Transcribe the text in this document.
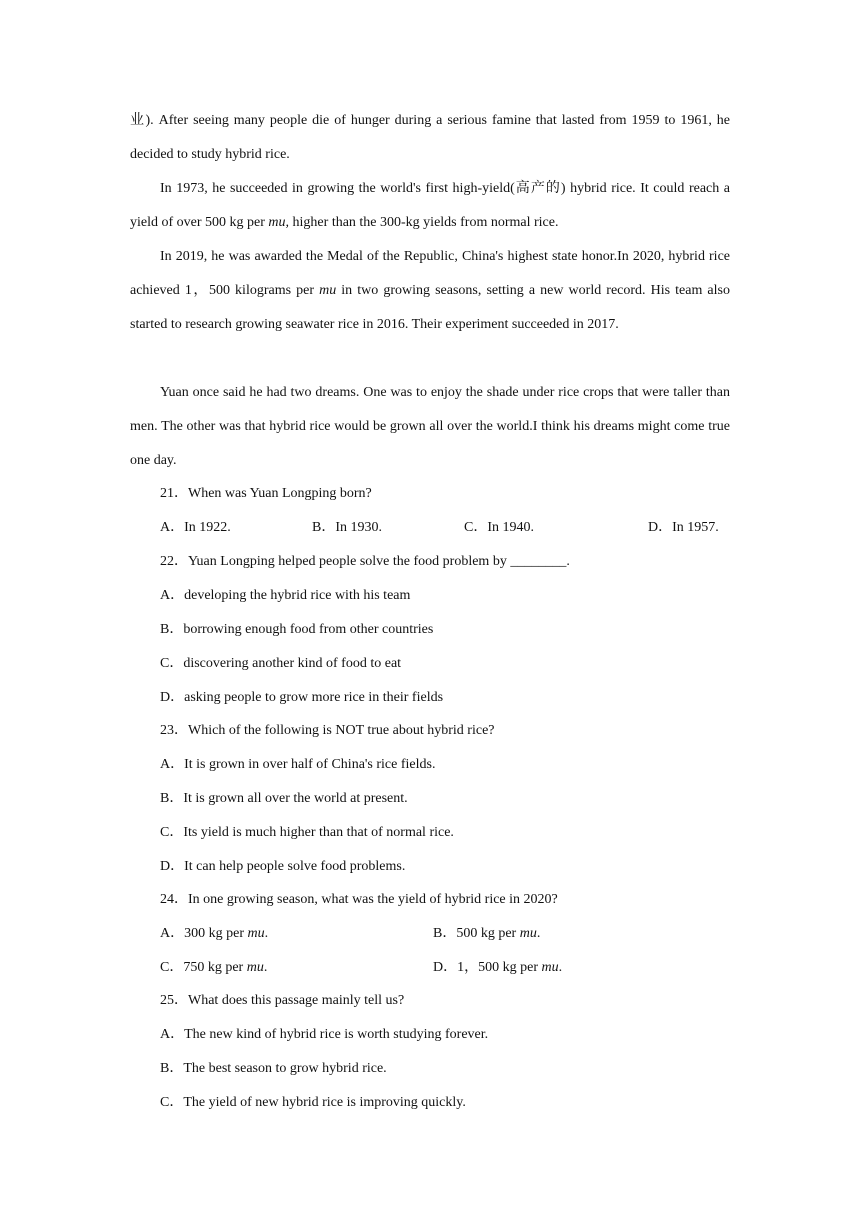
业). After seeing many people die of hunger during a serious famine that lasted from 1959 to 1961, he decided to study hybrid rice.

In 1973, he succeeded in growing the world's first high-yield(高产的) hybrid rice. It could reach a yield of over 500 kg per mu, higher than the 300-kg yields from normal rice.

In 2019, he was awarded the Medal of the Republic, China's highest state honor.In 2020, hybrid rice achieved 1，500 kilograms per mu in two growing seasons, setting a new world record. His team also started to research growing seawater rice in 2016. Their experiment succeeded in 2017.

Yuan once said he had two dreams. One was to enjoy the shade under rice crops that were taller than men. The other was that hybrid rice would be grown all over the world.I think his dreams might come true one day.

21．When was Yuan Longping born?
A．In 1922.	B．In 1930.	C．In 1940.	D．In 1957.
22．Yuan Longping helped people solve the food problem by ________.
A．developing the hybrid rice with his team
B．borrowing enough food from other countries
C．discovering another kind of food to eat
D．asking people to grow more rice in their fields
23．Which of the following is NOT true about hybrid rice?
A．It is grown in over half of China's rice fields.
B．It is grown all over the world at present.
C．Its yield is much higher than that of normal rice.
D．It can help people solve food problems.
24．In one growing season, what was the yield of hybrid rice in 2020?
A．300 kg per mu.	B．500 kg per mu.
C．750 kg per mu.	D．1，500 kg per mu.
25．What does this passage mainly tell us?
A．The new kind of hybrid rice is worth studying forever.
B．The best season to grow hybrid rice.
C．The yield of new hybrid rice is improving quickly.
